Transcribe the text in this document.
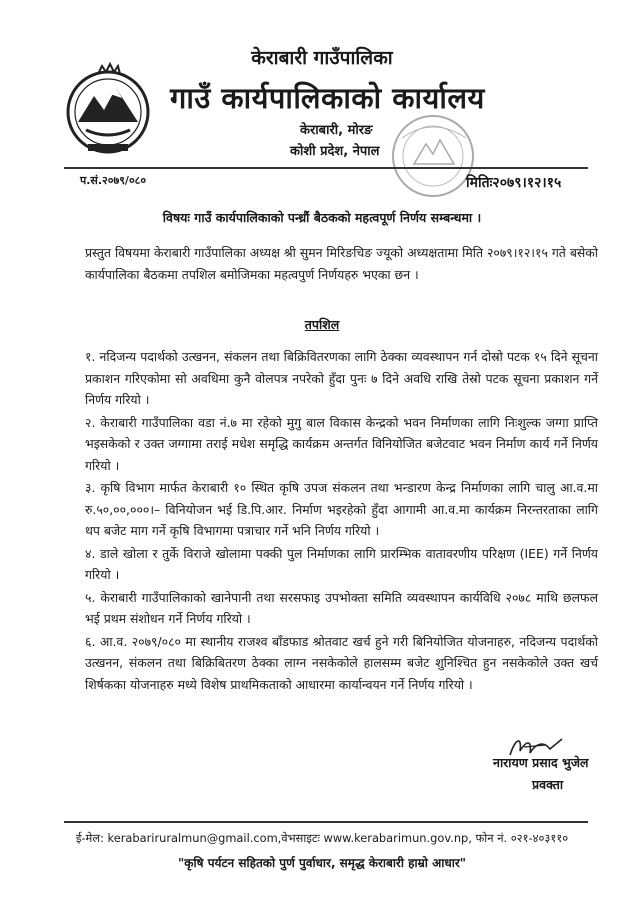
केराबारी गाउँपालिका
गाउँ कार्यपालिकाको कार्यालय
केराबारी, मोरङ
कोशी प्रदेश, नेपाल
प.सं.२०७९/०८०	मितिः२०७९।१२।१५
विषयः गाउँ कार्यपालिकाको पन्ध्रौं बैठकको महत्वपूर्ण निर्णय सम्बन्धमा ।
प्रस्तुत विषयमा केराबारी गाउँपालिका अध्यक्ष श्री सुमन मिरिङचिङ ज्यूको अध्यक्षतामा मिति २०७९।१२।१५ गते बसेको कार्यपालिका बैठकमा तपशिल बमोजिमका महत्वपुर्ण निर्णयहरु भएका छन ।
तपशिल
१. नदिजन्य पदार्थको उत्खनन, संकलन तथा बिक्रिवितरणका लागि ठेक्का व्यवस्थापन गर्न दोस्रो पटक १५ दिने सूचना प्रकाशन गरिएकोमा सो अवधिमा कुनै वोलपत्र नपरेको हुँदा पुनः ७ दिने अवधि राखि तेस्रो पटक सूचना प्रकाशन गर्ने निर्णय गरियो ।
२. केराबारी गाउँपालिका वडा नं.७ मा रहेको मुगु बाल विकास केन्द्रको भवन निर्माणका लागि निःशुल्क जग्गा प्राप्ति भइसकेको र उक्त जग्गामा तराई मधेश समृद्धि कार्यक्रम अन्तर्गत विनियोजित बजेटवाट भवन निर्माण कार्य गर्ने निर्णय गरियो ।
३. कृषि विभाग मार्फत केराबारी १० स्थित कृषि उपज संकलन तथा भन्डारण केन्द्र निर्माणका लागि चालु आ.व.मा रु.५०,००,०००।– विनियोजन भई डि.पि.आर. निर्माण भइरहेको हुँदा आगामी आ.व.मा कार्यक्रम निरन्तरताका लागि थप बजेट माग गर्ने कृषि विभागमा पत्राचार गर्ने भनि निर्णय गरियो ।
४. डाले खोला र तुर्के विराजे खोलामा पक्की पुल निर्माणका लागि प्रारम्भिक वातावरणीय परिक्षण (IEE) गर्ने निर्णय गरियो ।
५. केराबारी गाउँपालिकाको खानेपानी तथा सरसफाइ उपभोक्ता समिति व्यवस्थापन कार्यविधि २०७८ माथि छलफल भई प्रथम संशोधन गर्ने निर्णय गरियो ।
६. आ.व. २०७९/०८० मा स्थानीय राजश्व बाँडफाड श्रोतवाट खर्च हुने गरी बिनियोजित योजनाहरु, नदिजन्य पदार्थको उत्खनन, संकलन तथा बिक्रिबितरण ठेक्का लाग्न नसकेकोले हालसम्म बजेट शुनिश्चित हुन नसकेकोले उक्त खर्च शिर्षकका योजनाहरु मध्ये विशेष प्राथमिकताको आधारमा कार्यान्वयन गर्ने निर्णय गरियो ।
नारायण प्रसाद भुजेल
प्रवक्ता
ई-मेल: kerabariruralmun@gmail.com,वेभसाइटः www.kerabarimun.gov.np, फोन नं. ०२१-४०३११०
"कृषि पर्यटन सहितको पुर्ण पुर्वाधार, समृद्ध केराबारी हाम्रो आधार"
